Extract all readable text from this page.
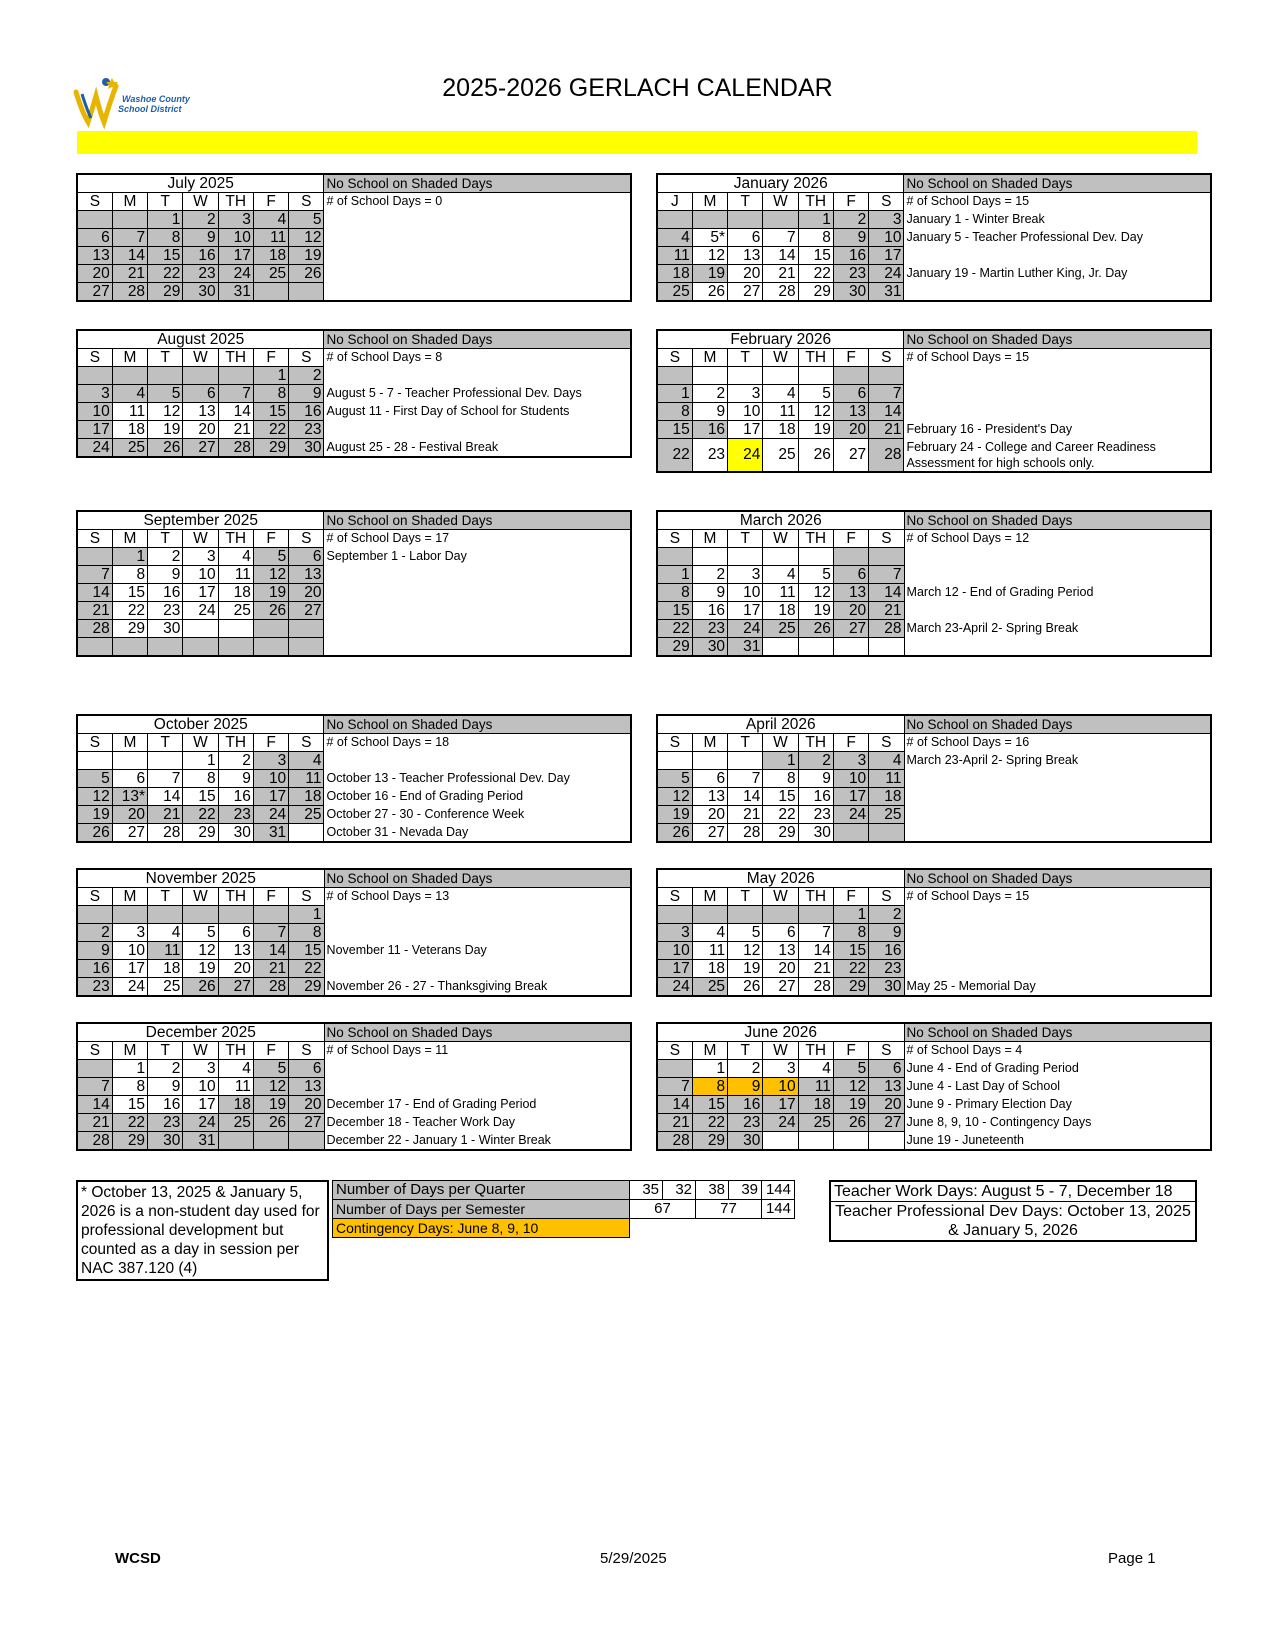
Washoe County
School District
2025-2026 GERLACH CALENDAR
July 2025							No School on Shaded Days
S	M	T	W	TH	F	S	# of School Days = 0
		1	2	3	4	5	
6	7	8	9	10	11	12	
13	14	15	16	17	18	19	
20	21	22	23	24	25	26	
27	28	29	30	31			
January 2026							No School on Shaded Days
J	M	T	W	TH	F	S	# of School Days = 15
				1	2	3	January 1 - Winter Break
4	5*	6	7	8	9	10	January 5 - Teacher Professional Dev. Day
11	12	13	14	15	16	17	
18	19	20	21	22	23	24	January 19 - Martin Luther King, Jr. Day
25	26	27	28	29	30	31	
August 2025							No School on Shaded Days
S	M	T	W	TH	F	S	# of School Days = 8
					1	2	
3	4	5	6	7	8	9	August 5 - 7 - Teacher Professional Dev. Days
10	11	12	13	14	15	16	August 11 - First Day of School for Students
17	18	19	20	21	22	23	
24	25	26	27	28	29	30	August 25 - 28 - Festival Break
February 2026							No School on Shaded Days
S	M	T	W	TH	F	S	# of School Days = 15

1	2	3	4	5	6	7	
8	9	10	11	12	13	14	
15	16	17	18	19	20	21	February 16 - President's Day
22	23	24	25	26	27	28	February 24 - College and Career Readiness Assessment for high schools only.
September 2025							No School on Shaded Days
S	M	T	W	TH	F	S	# of School Days = 17
	1	2	3	4	5	6	September 1 - Labor Day
7	8	9	10	11	12	13	
14	15	16	17	18	19	20	
21	22	23	24	25	26	27	
28	29	30					

March 2026							No School on Shaded Days
S	M	T	W	TH	F	S	# of School Days = 12

1	2	3	4	5	6	7	
8	9	10	11	12	13	14	March 12 - End of Grading Period
15	16	17	18	19	20	21	
22	23	24	25	26	27	28	March 23-April 2- Spring Break
29	30	31					
October 2025							No School on Shaded Days
S	M	T	W	TH	F	S	# of School Days = 18
			1	2	3	4	
5	6	7	8	9	10	11	October 13 - Teacher Professional Dev. Day
12	13*	14	15	16	17	18	October 16 - End of Grading Period
19	20	21	22	23	24	25	October 27 - 30 - Conference Week
26	27	28	29	30	31		October 31 - Nevada Day
April 2026							No School on Shaded Days
S	M	T	W	TH	F	S	# of School Days = 16
			1	2	3	4	March 23-April 2- Spring Break
5	6	7	8	9	10	11	
12	13	14	15	16	17	18	
19	20	21	22	23	24	25	
26	27	28	29	30			
November 2025							No School on Shaded Days
S	M	T	W	TH	F	S	# of School Days = 13
						1	
2	3	4	5	6	7	8	
9	10	11	12	13	14	15	November 11 - Veterans Day
16	17	18	19	20	21	22	
23	24	25	26	27	28	29	November 26 - 27 - Thanksgiving Break
May 2026							No School on Shaded Days
S	M	T	W	TH	F	S	# of School Days = 15
					1	2	
3	4	5	6	7	8	9	
10	11	12	13	14	15	16	
17	18	19	20	21	22	23	
24	25	26	27	28	29	30	May 25 - Memorial Day
December 2025							No School on Shaded Days
S	M	T	W	TH	F	S	# of School Days = 11
	1	2	3	4	5	6	
7	8	9	10	11	12	13	
14	15	16	17	18	19	20	December 17 - End of Grading Period
21	22	23	24	25	26	27	December 18 - Teacher Work Day
28	29	30	31				December 22 - January 1 - Winter Break
June 2026							No School on Shaded Days
S	M	T	W	TH	F	S	# of School Days = 4
	1	2	3	4	5	6	June 4 - End of Grading Period
7	8	9	10	11	12	13	June 4 - Last Day of School
14	15	16	17	18	19	20	June 9 - Primary Election Day
21	22	23	24	25	26	27	June 8, 9, 10 - Contingency Days
28	29	30					June 19 - Juneteenth
* October 13, 2025 & January 5, 2026 is a non-student day used for professional development but counted as a day in session per NAC 387.120 (4)
Number of Days per Quarter	35	32	38	39	144
Number of Days per Semester	67		77		144
Contingency Days: June 8, 9, 10					
Teacher Work Days: August 5 - 7, December 18
Teacher Professional Dev Days: October 13, 2025 & January 5, 2026
WCSD	5/29/2025	Page 1
